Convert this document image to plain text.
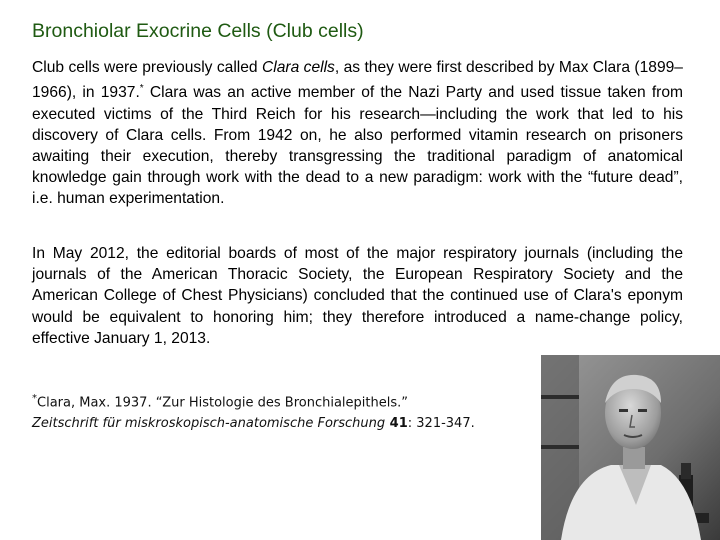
Bronchiolar Exocrine Cells (Club cells)
Club cells were previously called Clara cells, as they were first described by Max Clara (1899–1966), in 1937.* Clara was an active member of the Nazi Party and used tissue taken from executed victims of the Third Reich for his research—including the work that led to his discovery of Clara cells. From 1942 on, he also performed vitamin research on prisoners awaiting their execution, thereby transgressing the traditional paradigm of anatomical knowledge gain through work with the dead to a new paradigm: work with the “future dead”, i.e. human experimentation.
In May 2012, the editorial boards of most of the major respiratory journals (including the journals of the American Thoracic Society, the European Respiratory Society and the American College of Chest Physicians) concluded that the continued use of Clara's eponym would be equivalent to honoring him; they therefore introduced a name-change policy, effective January 1, 2013.
*Clara, Max. 1937. “Zur Histologie des Bronchialepithels.”
Zeitschrift für miskroskopisch-anatomische Forschung 41: 321-347.
